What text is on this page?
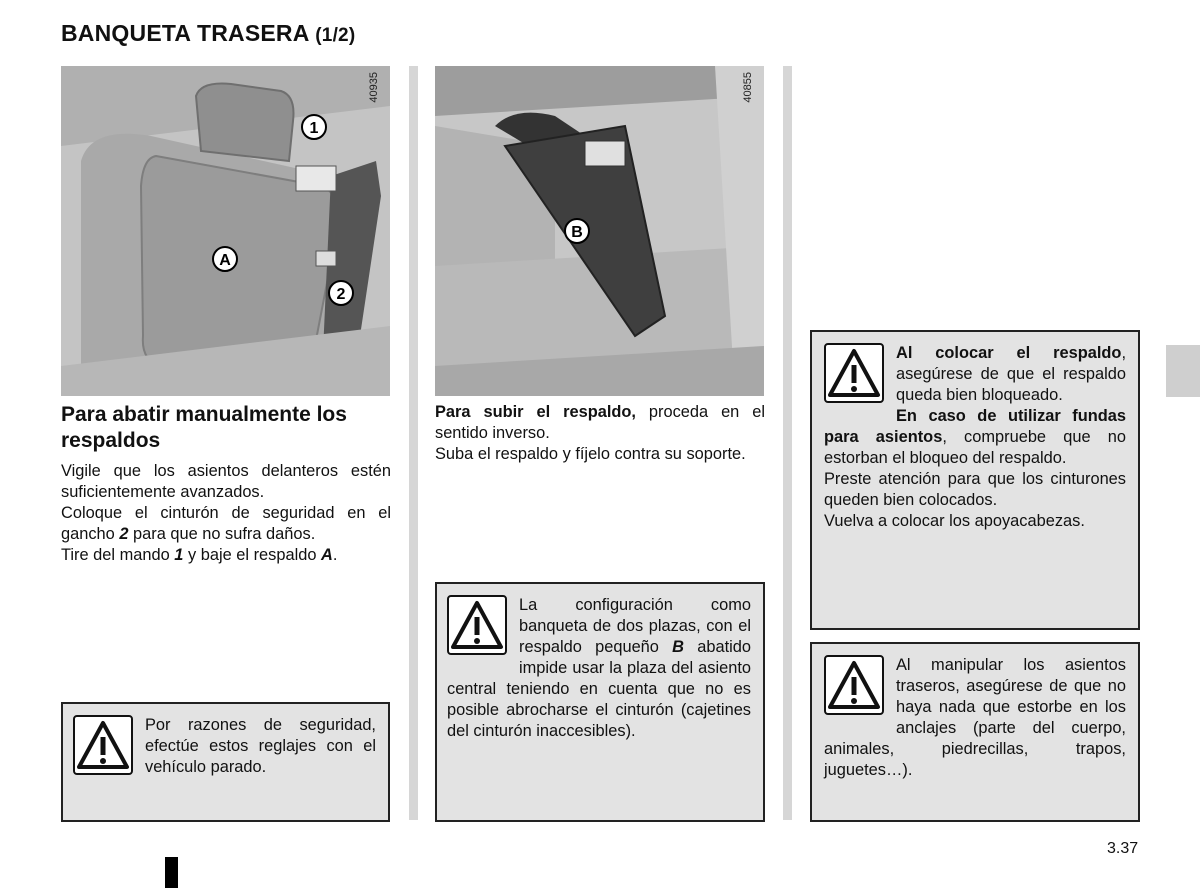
BANQUETA TRASERA (1/2)
40935
1
2
A
40855
B
Para abatir manualmente los respaldos

Vigile que los asientos delanteros estén suficientemente avanzados.

Coloque el cinturón de seguridad en el gancho 2 para que no sufra daños.

Tire del mando 1 y baje el respaldo A.

Para subir el respaldo, proceda en el sentido inverso.

Suba el respaldo y fíjelo contra su soporte.

Por razones de seguridad, efectúe estos reglajes con el vehículo parado.
La configuración como banqueta de dos plazas, con el respaldo pequeño B abatido impide usar la plaza del asiento central teniendo en cuenta que no es posible abrocharse el cinturón (cajetines del cinturón inaccesibles).

Al colocar el respaldo, asegúrese de que el respaldo queda bien bloqueado.

En caso de utilizar fundas para asientos, compruebe que no estorban el bloqueo del respaldo.

Preste atención para que los cinturones queden bien colocados.

Vuelva a colocar los apoyacabezas.

Al manipular los asientos traseros, asegúrese de que no haya nada que estorbe en los anclajes (parte del cuerpo, animales, piedrecillas, trapos, juguetes…).
3.37
